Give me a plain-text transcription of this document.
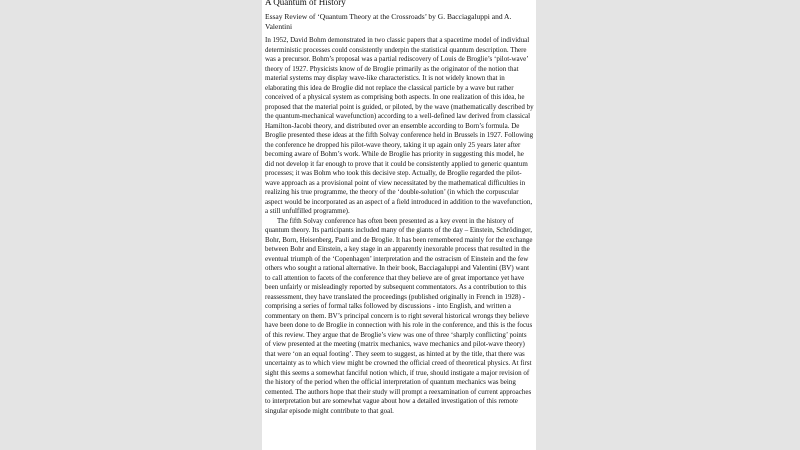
A Quantum of History

Essay Review of ‘Quantum Theory at the Crossroads’ by G. Bacciagaluppi and A. Valentini

In 1952, David Bohm demonstrated in two classic papers that a spacetime model of individual deterministic processes could consistently underpin the statistical quantum description. There was a precursor. Bohm’s proposal was a partial rediscovery of Louis de Broglie’s ‘pilot-wave’ theory of 1927. Physicists know of de Broglie primarily as the originator of the notion that material systems may display wave-like characteristics. It is not widely known that in elaborating this idea de Broglie did not replace the classical particle by a wave but rather conceived of a physical system as comprising both aspects. In one realization of this idea, he proposed that the material point is guided, or piloted, by the wave (mathematically described by the quantum-mechanical wavefunction) according to a well-defined law derived from classical Hamilton-Jacobi theory, and distributed over an ensemble according to Born’s formula. De Broglie presented these ideas at the fifth Solvay conference held in Brussels in 1927. Following the conference he dropped his pilot-wave theory, taking it up again only 25 years later after becoming aware of Bohm’s work. While de Broglie has priority in suggesting this model, he did not develop it far enough to prove that it could be consistently applied to generic quantum processes; it was Bohm who took this decisive step. Actually, de Broglie regarded the pilot-wave approach as a provisional point of view necessitated by the mathematical difficulties in realizing his true programme, the theory of the ‘double-solution’ (in which the corpuscular aspect would be incorporated as an aspect of a field introduced in addition to the wavefunction, a still unfulfilled programme).

The fifth Solvay conference has often been presented as a key event in the history of quantum theory. Its participants included many of the giants of the day – Einstein, Schrödinger, Bohr, Born, Heisenberg, Pauli and de Broglie. It has been remembered mainly for the exchange between Bohr and Einstein, a key stage in an apparently inexorable process that resulted in the eventual triumph of the ‘Copenhagen’ interpretation and the ostracism of Einstein and the few others who sought a rational alternative. In their book, Bacciagaluppi and Valentini (BV) want to call attention to facets of the conference that they believe are of great importance yet have been unfairly or misleadingly reported by subsequent commentators. As a contribution to this reassessment, they have translated the proceedings (published originally in French in 1928) - comprising a series of formal talks followed by discussions - into English, and written a commentary on them. BV’s principal concern is to right several historical wrongs they believe have been done to de Broglie in connection with his role in the conference, and this is the focus of this review. They argue that de Broglie’s view was one of three ‘sharply conflicting’ points of view presented at the meeting (matrix mechanics, wave mechanics and pilot-wave theory) that were ‘on an equal footing’. They seem to suggest, as hinted at by the title, that there was uncertainty as to which view might be crowned the official creed of theoretical physics. At first sight this seems a somewhat fanciful notion which, if true, should instigate a major revision of the history of the period when the official interpretation of quantum mechanics was being cemented. The authors hope that their study will prompt a reexamination of current approaches to interpretation but are somewhat vague about how a detailed investigation of this remote singular episode might contribute to that goal.
